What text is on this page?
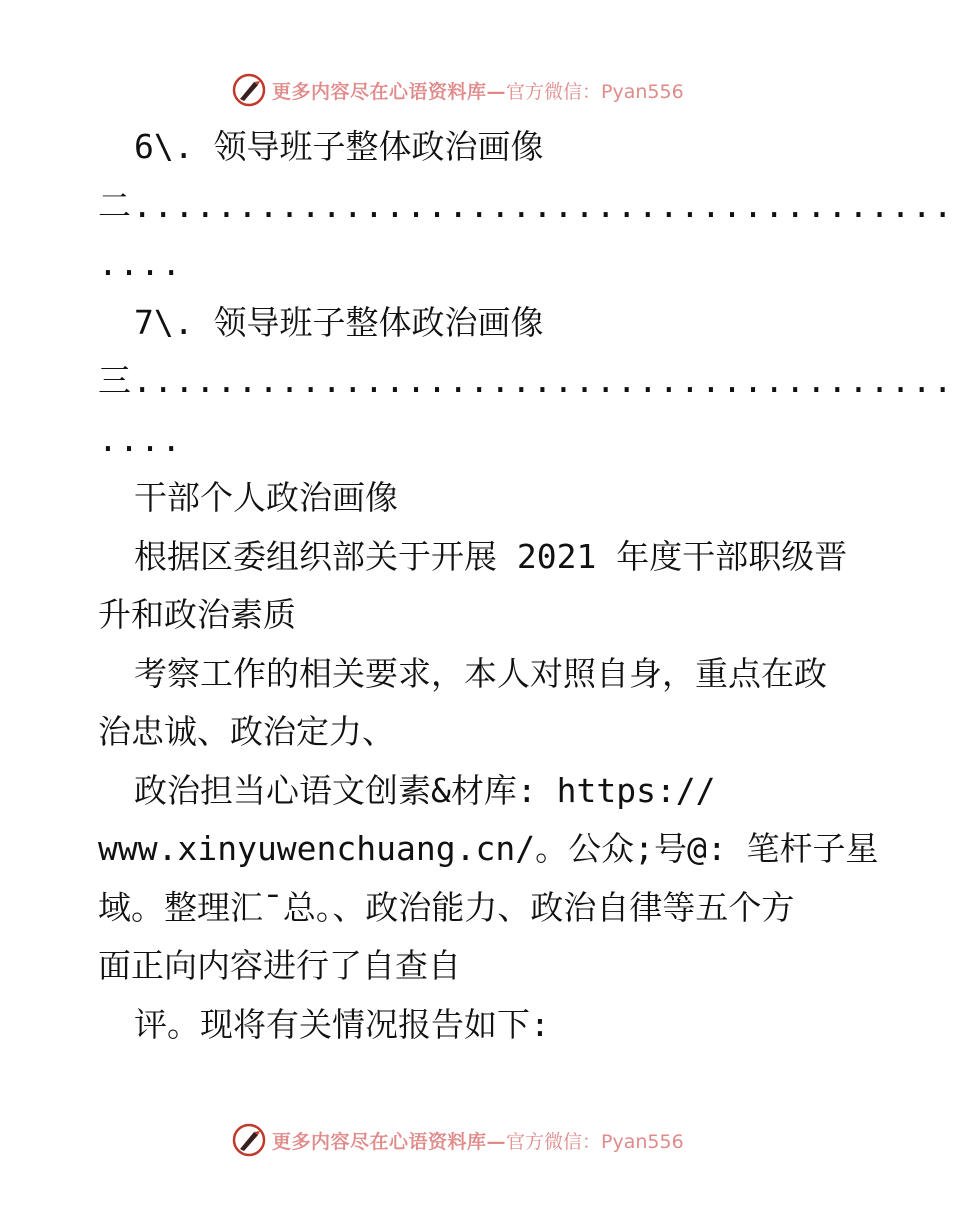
更多内容尽在心语资料库— 官方微信：Pyan556
6\. 领导班子整体政治画像
二.......................................
....
7\. 领导班子整体政治画像
三.......................................
....
干部个人政治画像
根据区委组织部关于开展 2021 年度干部职级晋
升和政治素质
考察工作的相关要求，本人对照自身，重点在政
治忠诚、政治定力、
政治担当心语文创素&材库: https://
www.xinyuwenchuang.cn/。公众;号@: 笔杆子星
域。整理汇¯总。、政治能力、政治自律等五个方
面正向内容进行了自查自
评。现将有关情况报告如下:
更多内容尽在心语资料库— 官方微信：Pyan556
